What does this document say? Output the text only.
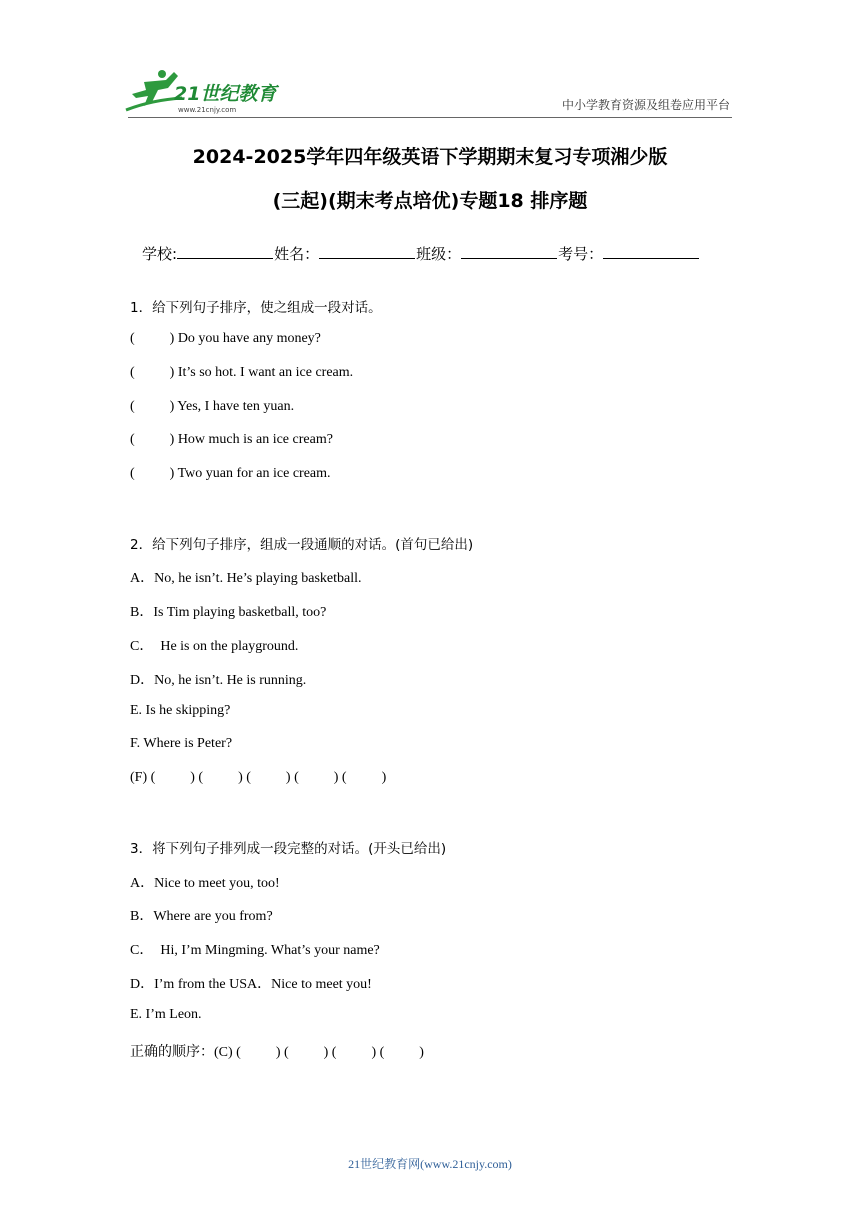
21世纪教育
www.21cnjy.com	中小学教育资源及组卷应用平台
2024-2025学年四年级英语下学期期末复习专项湘少版
(三起)(期末考点培优)专题18 排序题
学校:	姓名：	班级：	考号：
1．给下列句子排序，使之组成一段对话。
(          ) Do you have any money?
(          ) It’s so hot. I want an ice cream.
(          ) Yes, I have ten yuan.
(          ) How much is an ice cream?
(          ) Two yuan for an ice cream.
2．给下列句子排序，组成一段通顺的对话。(首句已给出)
A．No, he isn’t. He’s playing basketball.
B．Is Tim playing basketball, too?
C．  He is on the playground.
D．No, he isn’t. He is running.
E. Is he skipping?
F. Where is Peter?
(F) (          ) (          ) (          ) (          ) (          )
3．将下列句子排列成一段完整的对话。(开头已给出)
A．Nice to meet you, too!
B．Where are you from?
C．  Hi, I’m Mingming. What’s your name?
D．I’m from the USA．Nice to meet you!
E. I’m Leon.
正确的顺序：(C) (          ) (          ) (          ) (          )
21世纪教育网(www.21cnjy.com)
